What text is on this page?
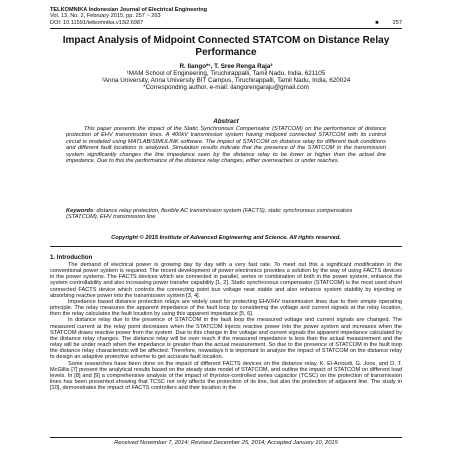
TELKOMNIKA Indonesian Journal of Electrical Engineering
Vol. 13, No. 2, February 2015, pp. 257 ~ 263
DOI: 10.11591/telkomnika.v13i2.6987	■	257
Impact Analysis of Midpoint Connected STATCOM on Distance Relay Performance
R. Ilango*¹, T. Sree Renga Raja²
¹MAM School of Engineering, Tiruchirappalli, Tamil Nadu, India, 621105
²Anna University, Anna University BIT Campus, Tiruchirappalli, Tamil Nadu, India, 620024
*Corresponding author, e-mail: ilangorengaraju@gmail.com
Abstract
This paper presents the impact of the Static Synchronous Compensator (STATCOM) on the performance of distance protection of EHV transmission lines. A 400kV transmission system having midpoint connected STATCOM with its control circuit is modeled using MATLAB/SIMULINK software. The impact of STATCOM on distance relay for different fault conditions and different fault locations is analyzed. Simulation results indicate that the presence of the STATCOM in the transmission system significantly changes the line impedance seen by the distance relay to be lower or higher than the actual line impedance. Due to this the performance of the distance relay changes, either overreaches or under reaches.
Keywords: distance relay protection, flexible AC transmission system (FACTS), static synchronous compensators (STATCOM), EHV transmission line
Copyright © 2015 Institute of Advanced Engineering and Science. All rights reserved.
1. Introduction

The demand of electrical power is growing day by day with a very fast rate. To meet out this a significant modification in the conventional power system is required. The recent development of power electronics provides a solution by the way of using FACTS devices in the power systems. The FACTS devices which are connected in parallel, series or combination of both in the power system, enhance the system controllability and also increasing power transfer capability [1, 2]. Static synchronous compensator (STATCOM) is the most used shunt connected FACTS device which controls the connecting point bus voltage near stable and also enhance system stability by injecting or absorbing reactive power into the transmission system [3, 4].

Impedance based distance protection relays are widely used for protecting EHV/HV transmission lines due to their simple operating principle. The relay measures the apparent impedance of the fault loop by considering the voltage and current signals at the relay location, then the relay calculates the fault location by using this apparent impedance [5, 6].

In distance relay due to the presence of STATCOM in the fault loop the measured voltage and current signals are changed. The measured current at the relay point decreases when the STATCOM injects reactive power into the power system and increases when the STATCOM draws reactive power from the system. Due to this change in the voltage and current signals the apparent impedance calculated by the distance relay changes. The distance relay will be over reach if the measured impedance is less than the actual measurement and the relay will be under reach when the impedance is greater than the actual measurement. So due to the presence of STATCOM in the fault loop the distance relay characteristic will be affected. Therefore, nowadays it is important to analyze the impact of STATCOM on the distance relay to design an adaptive protective scheme to get accurate fault location.

Some researches have been done on the impact of different FACTS devices on the distance relay. K. El-Arroudi, G. Joos, and D. T. McGillis [7] present the analytical results based on the steady state model of STATCOM, and outline the impact of STATCOM on different load levels. In [8] and [9] a comprehensive analysis of the impact of thyristor-controlled series capacitor (TCSC) on the protection of transmission lines has been presented showing that TCSC not only affects the protection of its line, but also the protection of adjacent line. The study in [10], demonstrates the impact of FACTS controllers and their location in the

Received November 7, 2014; Revised December 25, 2014; Accepted January 10, 2015
